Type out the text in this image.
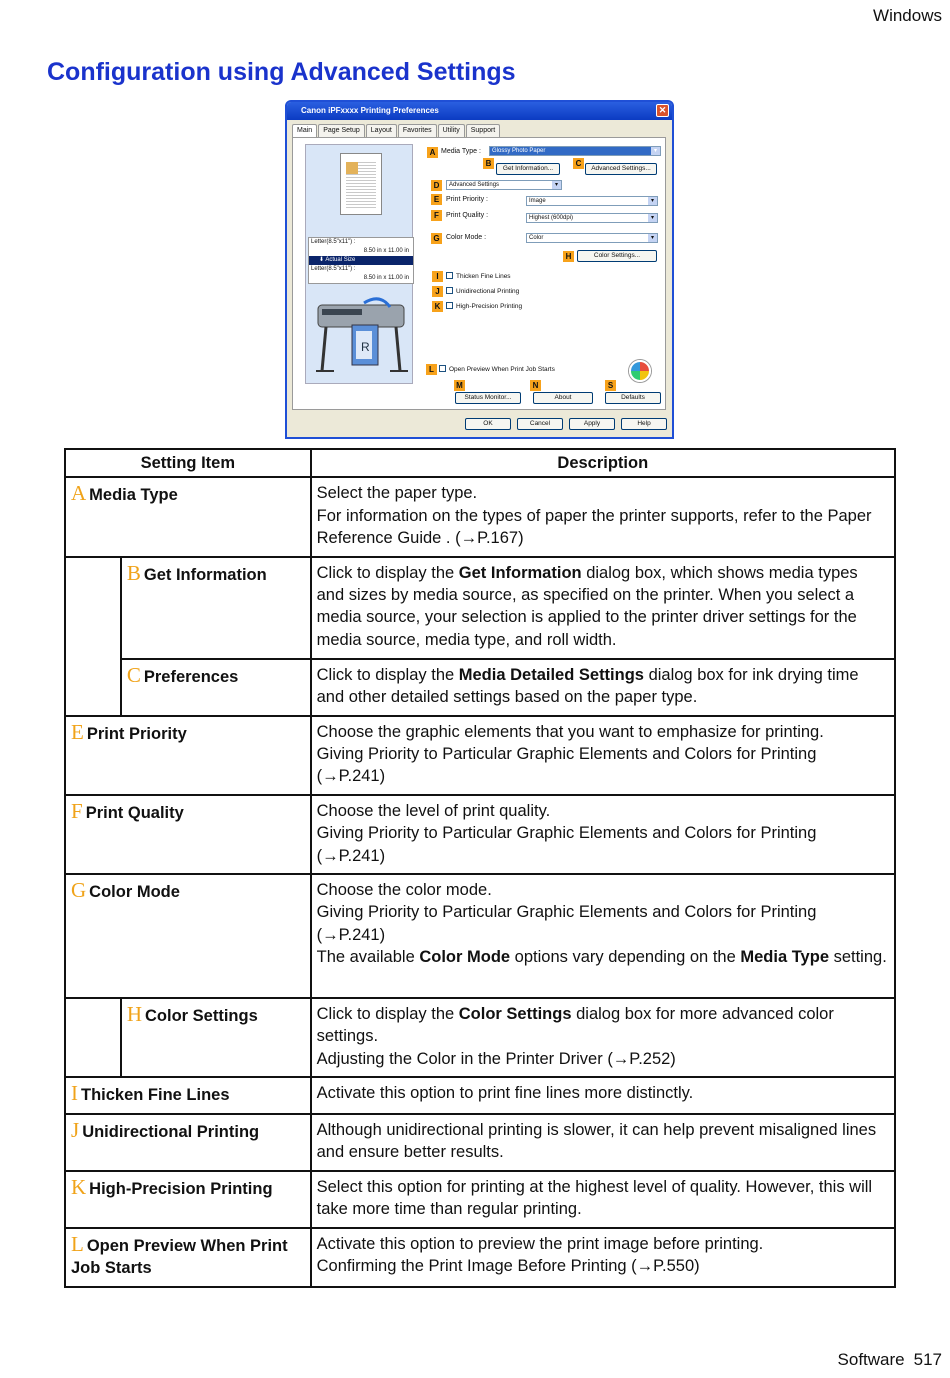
Windows
Configuration using Advanced Settings
Canon iPFxxxx Printing Preferences	✕
Main	Page Setup	Layout	Favorites	Utility	Support
Letter(8.5"x11") :
8.50 in x 11.00 in
⬇ Actual Size
Letter(8.5"x11") :
8.50 in x 11.00 in
R
A Media Type :	Glossy Photo Paper	▾
B
Get Information...
C
Advanced Settings...
D	Advanced Settings	▾
E Print Priority :	Image	▾
F	Print Quality :	Highest (600dpi)	▾
G Color Mode :	Color	▾
H	Color Settings...
I	Thicken Fine Lines
J	Unidirectional Printing
K	High-Precision Printing
L	Open Preview When Print Job Starts
M	N	S
Status Monitor...	About	Defaults
OK	Cancel	Apply	Help
Setting Item		Description
A Media Type		Select the paper type.
For information on the types of paper the printer supports, refer to the Paper Reference Guide . (→P.167)

	B Get Information	Click to display the Get Information dialog box, which shows media types and sizes by media source, as specified on the printer. When you select a media source, your selection is applied to the printer driver settings for the media source, media type, and roll width.
	C Preferences	Click to display the Media Detailed Settings dialog box for ink drying time and other detailed settings based on the paper type.
E Print Priority		Choose the graphic elements that you want to emphasize for printing.
Giving Priority to Particular Graphic Elements and Colors for Printing (→P.241)

F Print Quality		Choose the level of print quality.
Giving Priority to Particular Graphic Elements and Colors for Printing (→P.241)

G Color Mode		Choose the color mode.
Giving Priority to Particular Graphic Elements and Colors for Printing (→P.241)
The available Color Mode options vary depending on the Media Type setting.

	H Color Settings	Click to display the Color Settings dialog box for more advanced color settings.
Adjusting the Color in the Printer Driver (→P.252)

I Thicken Fine Lines		Activate this option to print fine lines more distinctly.

J Unidirectional Printing		Although unidirectional printing is slower, it can help prevent misaligned lines and ensure better results.

K High-Precision Printing		Select this option for printing at the highest level of quality. However, this will take more time than regular printing.

L Open Preview When Print Job Starts		Activate this option to preview the print image before printing.
Confirming the Print Image Before Printing (→P.550)
Software 517
